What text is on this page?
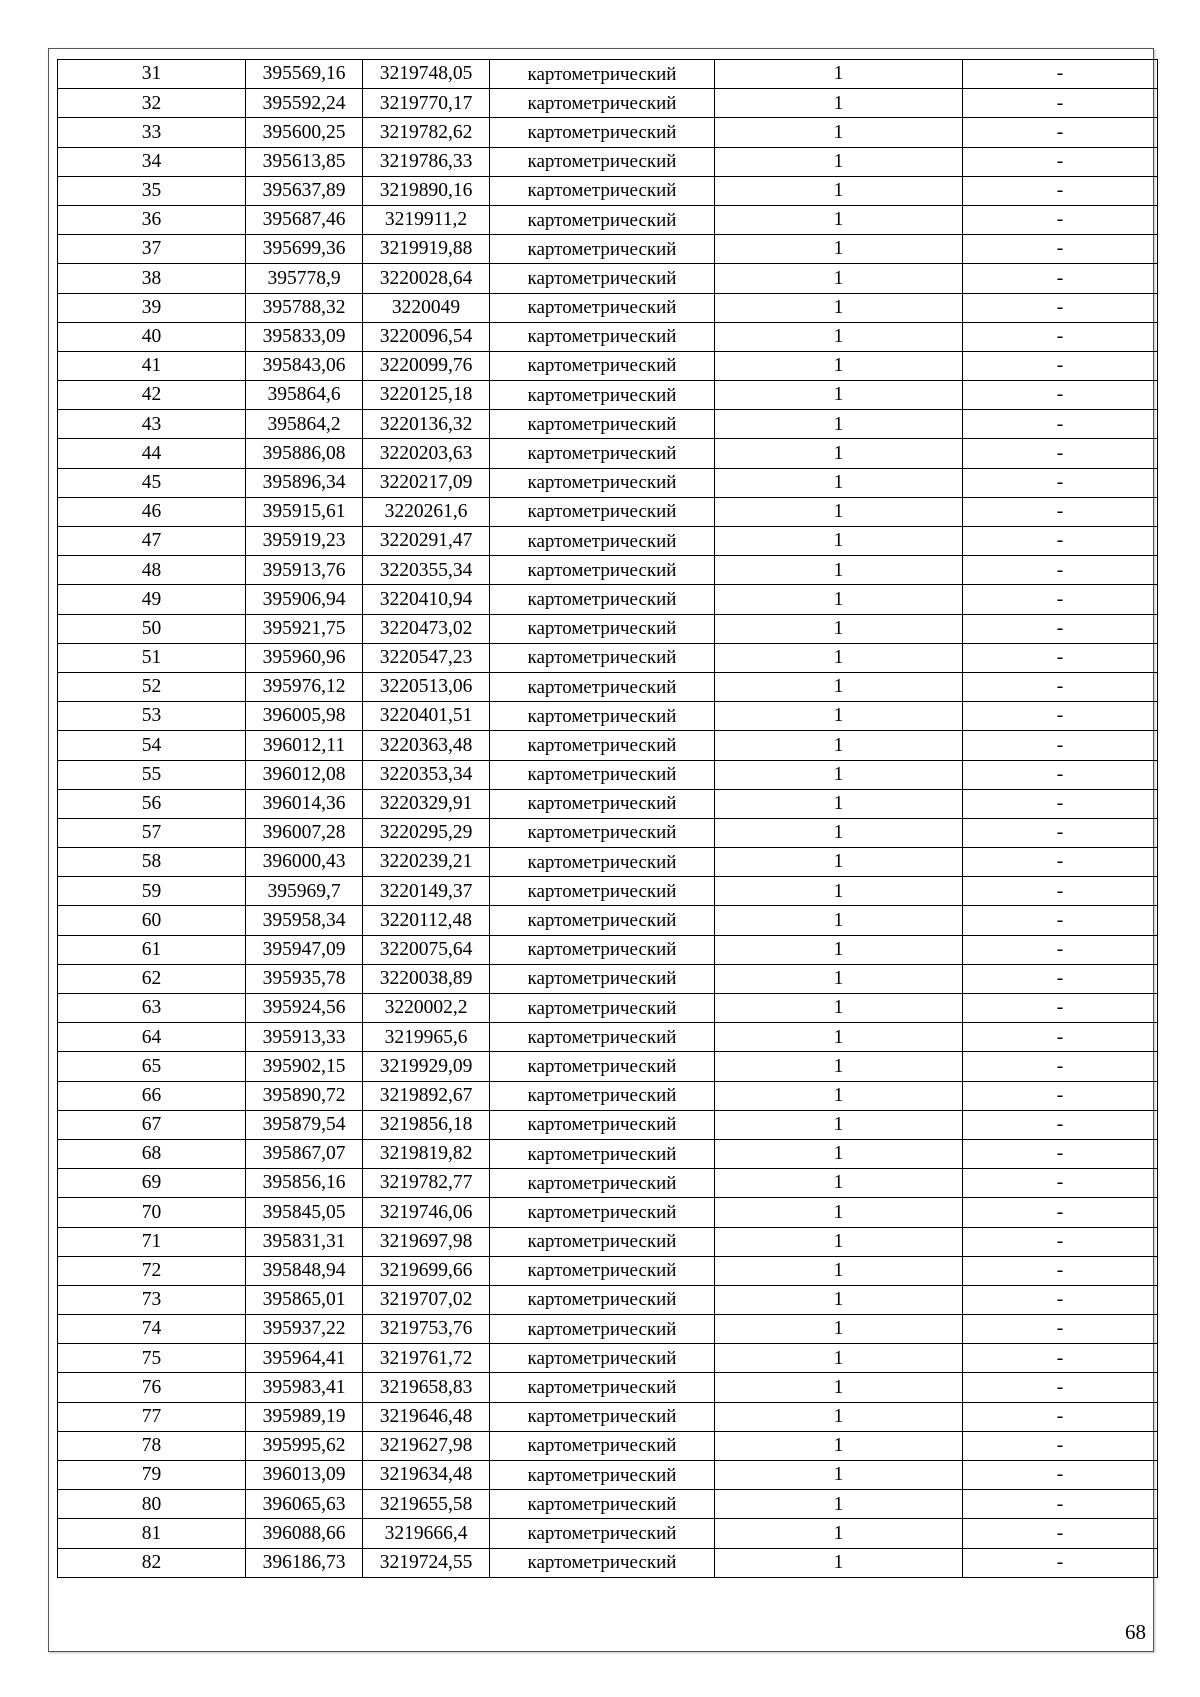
31	395569,16	3219748,05	картометрический	1	-
32	395592,24	3219770,17	картометрический	1	-
33	395600,25	3219782,62	картометрический	1	-
34	395613,85	3219786,33	картометрический	1	-
35	395637,89	3219890,16	картометрический	1	-
36	395687,46	3219911,2	картометрический	1	-
37	395699,36	3219919,88	картометрический	1	-
38	395778,9	3220028,64	картометрический	1	-
39	395788,32	3220049	картометрический	1	-
40	395833,09	3220096,54	картометрический	1	-
41	395843,06	3220099,76	картометрический	1	-
42	395864,6	3220125,18	картометрический	1	-
43	395864,2	3220136,32	картометрический	1	-
44	395886,08	3220203,63	картометрический	1	-
45	395896,34	3220217,09	картометрический	1	-
46	395915,61	3220261,6	картометрический	1	-
47	395919,23	3220291,47	картометрический	1	-
48	395913,76	3220355,34	картометрический	1	-
49	395906,94	3220410,94	картометрический	1	-
50	395921,75	3220473,02	картометрический	1	-
51	395960,96	3220547,23	картометрический	1	-
52	395976,12	3220513,06	картометрический	1	-
53	396005,98	3220401,51	картометрический	1	-
54	396012,11	3220363,48	картометрический	1	-
55	396012,08	3220353,34	картометрический	1	-
56	396014,36	3220329,91	картометрический	1	-
57	396007,28	3220295,29	картометрический	1	-
58	396000,43	3220239,21	картометрический	1	-
59	395969,7	3220149,37	картометрический	1	-
60	395958,34	3220112,48	картометрический	1	-
61	395947,09	3220075,64	картометрический	1	-
62	395935,78	3220038,89	картометрический	1	-
63	395924,56	3220002,2	картометрический	1	-
64	395913,33	3219965,6	картометрический	1	-
65	395902,15	3219929,09	картометрический	1	-
66	395890,72	3219892,67	картометрический	1	-
67	395879,54	3219856,18	картометрический	1	-
68	395867,07	3219819,82	картометрический	1	-
69	395856,16	3219782,77	картометрический	1	-
70	395845,05	3219746,06	картометрический	1	-
71	395831,31	3219697,98	картометрический	1	-
72	395848,94	3219699,66	картометрический	1	-
73	395865,01	3219707,02	картометрический	1	-
74	395937,22	3219753,76	картометрический	1	-
75	395964,41	3219761,72	картометрический	1	-
76	395983,41	3219658,83	картометрический	1	-
77	395989,19	3219646,48	картометрический	1	-
78	395995,62	3219627,98	картометрический	1	-
79	396013,09	3219634,48	картометрический	1	-
80	396065,63	3219655,58	картометрический	1	-
81	396088,66	3219666,4	картометрический	1	-
82	396186,73	3219724,55	картометрический	1	-
68
